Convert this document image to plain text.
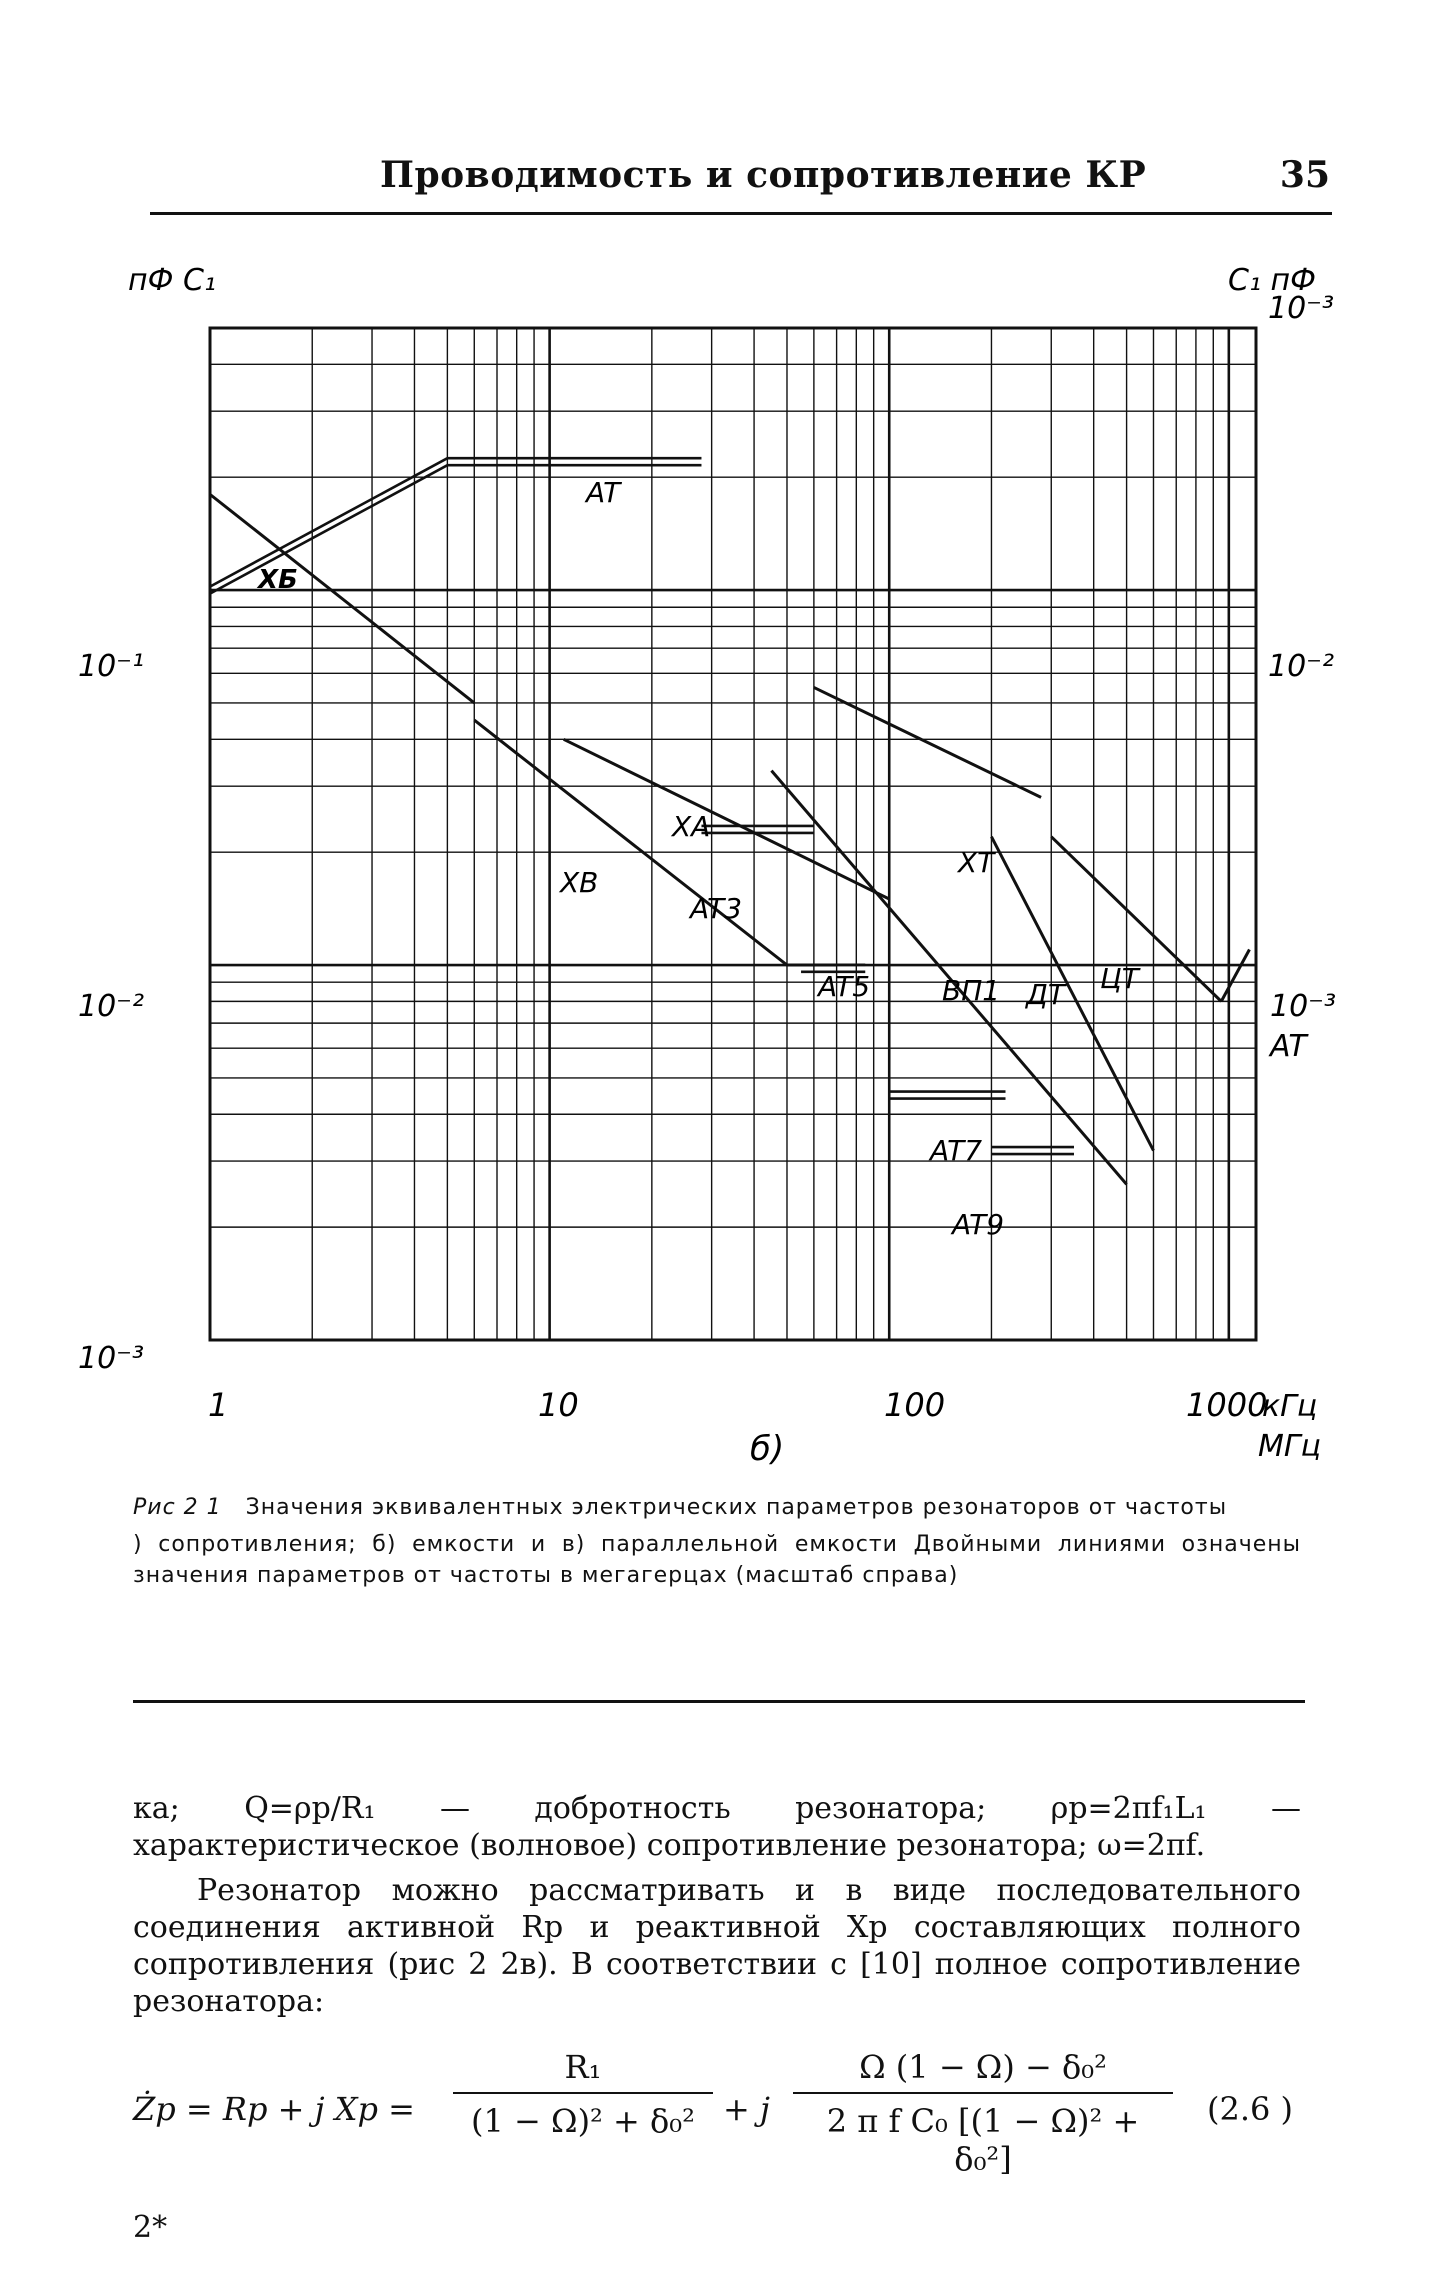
Проводимость и сопротивление КР	35
пФ C₁	C₁ пФ
10⁻¹
10⁻²
10⁻³
10⁻³
10⁻²
10⁻³
AT
1	10	100	1000
кГц
МГц
б)
AT
XБ
XA
XB
AT3
XT
AT5	ВП1 ДТ ЦТ
AT7
AT9

Рис 2 1 Значения эквивалентных электрических параметров резонаторов от частоты

) сопротивления; б) емкости и в) параллельной емкости Двойными линиями означены значения параметров от частоты в мегагерцах (масштаб справа)

ка; Q=ρр/R₁ — добротность резонатора; ρр=2πf₁L₁ — характеристическое (волновое) сопротивление резонатора; ω=2πf.

Резонатор можно рассматривать и в виде последовательного соединения активной Rр и реактивной Xр составляющих полного сопротивления (рис 2 2в). В соответствии с [10] полное сопротивление резонатора:

Żр = Rр + j Xр = $\frac{\text{R₁}}{\text{(1 − Ω)² + δ₀²}} + j \frac{\text{Ω (1 − Ω) − δ₀²}}{\text{2 π f C₀ [(1 − Ω)² + δ₀²]}} (2.6$ )
2*
